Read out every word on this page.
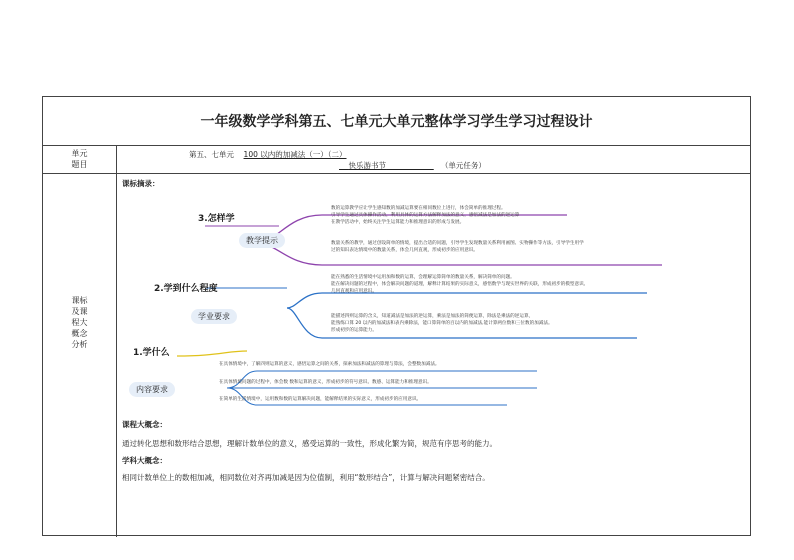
一年级数学学科第五、七单元大单元整体学习学生学习过程设计
单元
题目
第五、七单元 100 以内的加减法（一）（二）
快乐游书节	（单元任务）
课标
及课
程大
概念
分析
课标摘录：
3.怎样学
2.学到什么程度
1.学什么
教学提示
学业要求
内容要求
数的运算教学应让学生感知数的加减运算要在相同数位上进行，体会简单的推理过程。
引导学生通过具体操作活动，利用具体的运算方法解释加法的意义，感悟减法是加法的逆运算
在教学活动中，始终关注学生运算能力和推理意识的形成与发展。
数量关系的教学，通过创设简单的情境，提出合适的问题，引导学生发现数量关系利用画图、实物操作等方法，引导学生用学
过的知识表达情境中的数量关系，体会几何直观，形成初步的应用意识。
能在熟悉的生活情境中运用加和数的运算，会理解运算简单的数量关系，解决简单的问题。
能在解决问题的过程中，体会解决问题的道理，解释计算结果的实际意义，感悟数学与现实世界的关联，形成初步的模型意识、
几何直观和应用意识。
能描述四则运算的含义，知道减法是加法的逆运算，乘法是加法的简便运算，除法是乘法的逆运算，
能熟练口算 20 以内的加减法和表内乘除法，能口算简单的百以内的加减法,能计算两位数和三位数的加减法。
形成初步的运算能力。
在具体情境中，了解四则运算的意义，感悟运算之间的关系，探索加法和减法的算理与算法，会整数加减法。
在具体情境问题的过程中，体会数 数和运算的意义，形成初步的符号意识、数感、运算能力和推理意识。
在简单的生活情境中，运用数和数的运算解决问题，能解释结果的实际意义，形成初步的应用意识。
课程大概念：
通过转化思想和数形结合思想，理解计数单位的意义，感受运算的一致性，形成化繁为简，规范有序思考的能力。
学科大概念：
相同计数单位上的数相加减，相同数位对齐再加减是因为位值制，利用“数形结合”，计算与解决问题紧密结合。
